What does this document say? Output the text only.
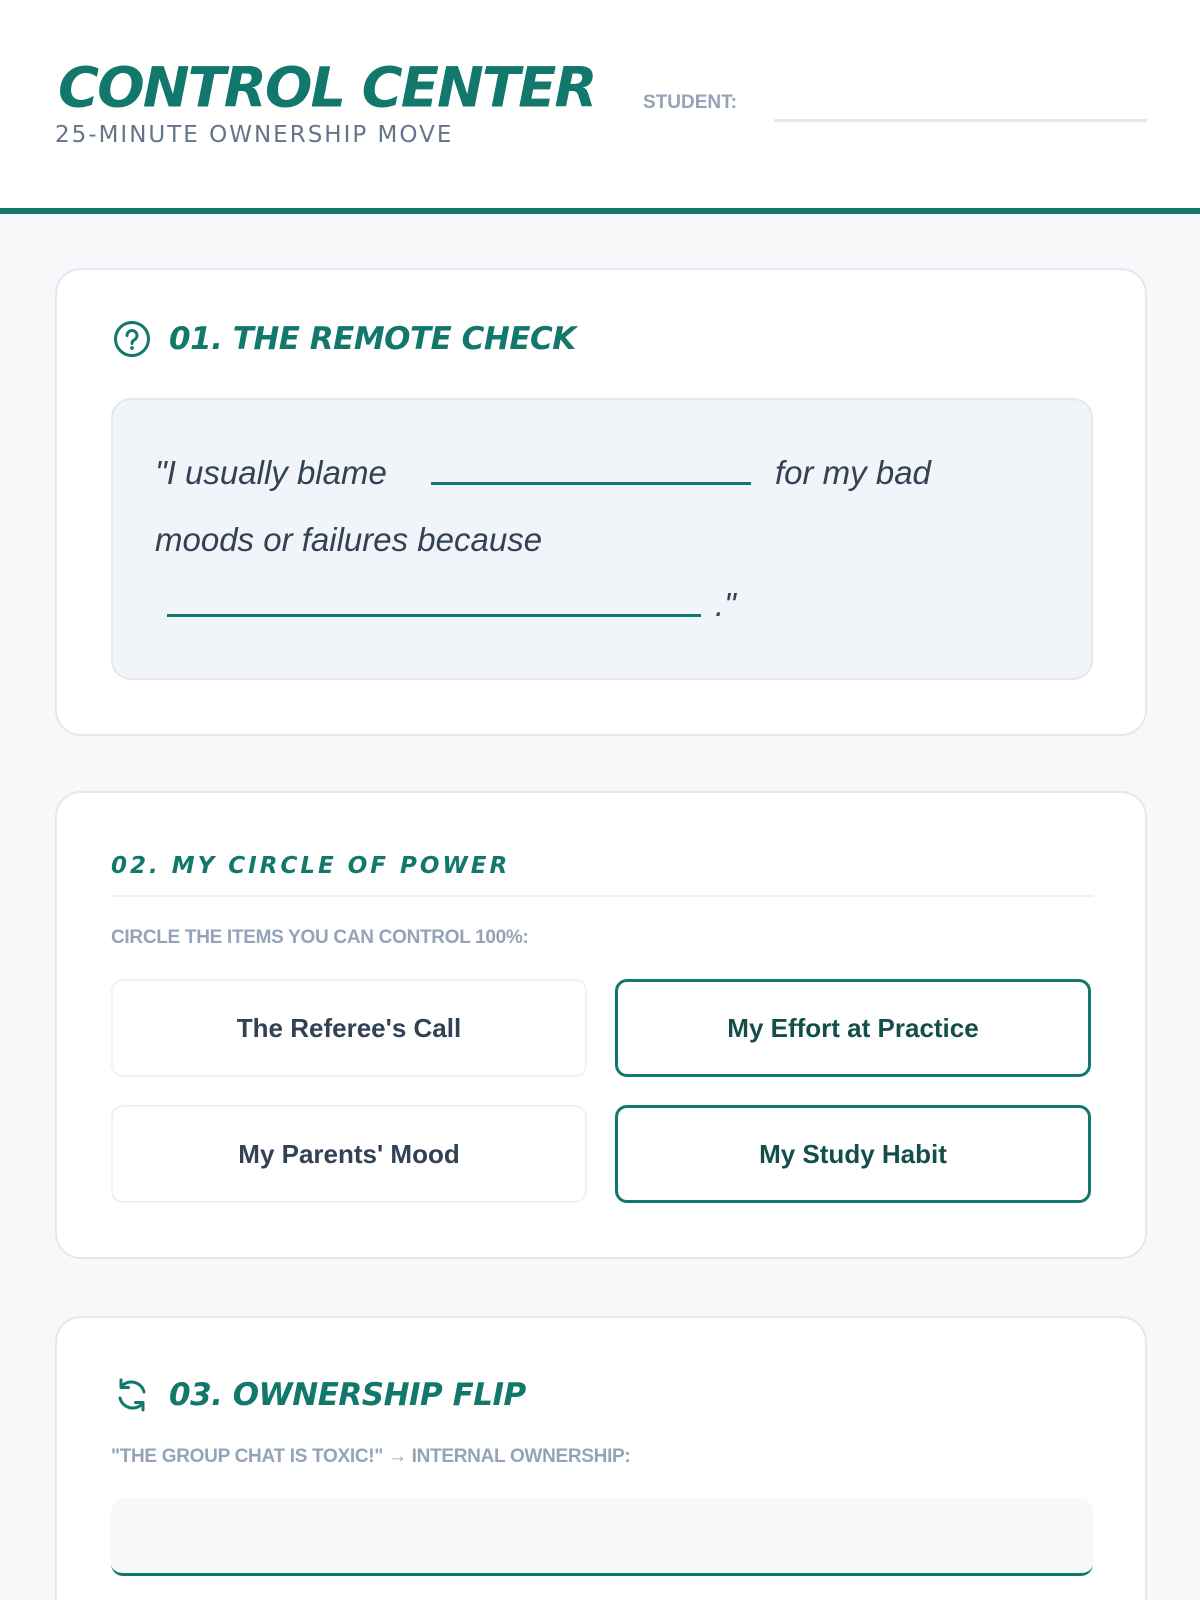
CONTROL CENTER
25-MINUTE OWNERSHIP MOVE
STUDENT:
01. THE REMOTE CHECK
"I usually blame	for my bad
moods or failures because
."
02. MY CIRCLE OF POWER
CIRCLE THE ITEMS YOU CAN CONTROL 100%:
The Referee's Call	My Effort at Practice
My Parents' Mood	My Study Habit
03. OWNERSHIP FLIP
"THE GROUP CHAT IS TOXIC!" → INTERNAL OWNERSHIP:
